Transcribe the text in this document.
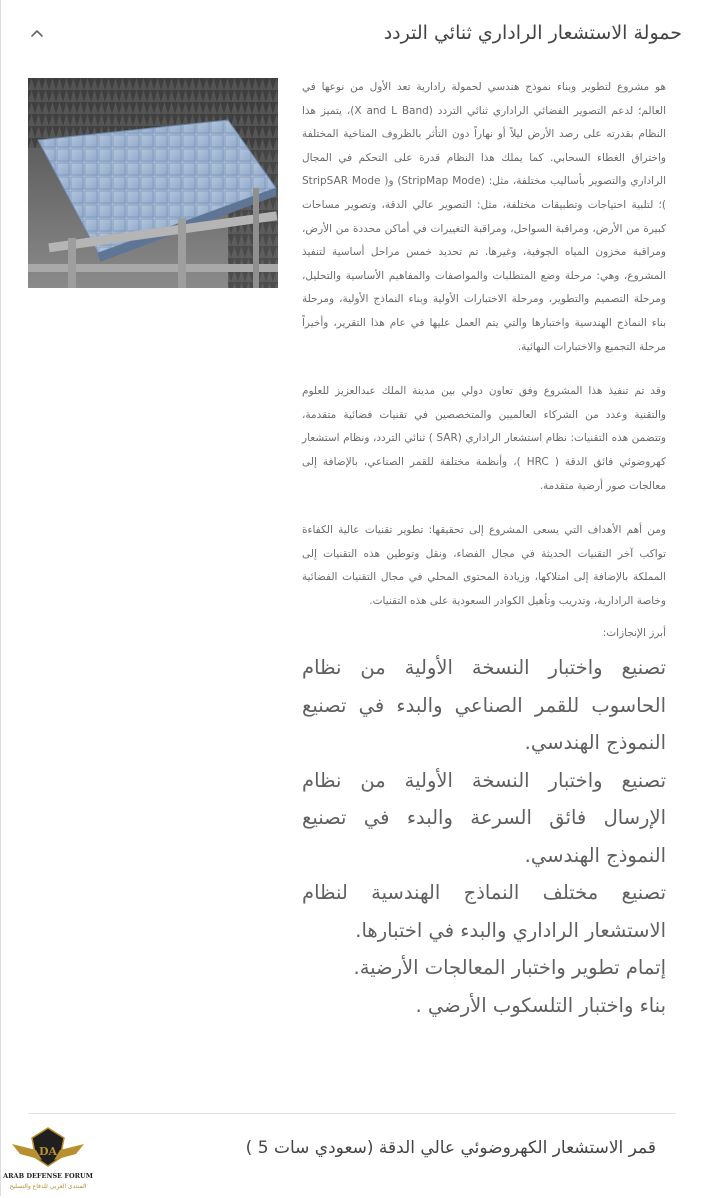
حمولة الاستشعار الراداري ثنائي التردد

هو مشروع لتطوير وبناء نموذج هندسي لحمولة رادارية تعد الأول من نوعها في العالم؛ لدعم التصوير الفضائي الراداري ثنائي التردد (X and L Band)، يتميز هذا النظام بقدرته على رصد الأرض ليلاً أو نهاراً دون التأثر بالظروف المناخية المختلفة واختراق الغطاء السحابي. كما يملك هذا النظام قدرة على التحكم في المجال الراداري والتصوير بأساليب مختلفة، مثل: (StripMap Mode) و( StripSAR Mode )؛ لتلبية احتياجات وتطبيقات مختلفة، مثل: التصوير عالي الدقة، وتصوير مساحات كبيرة من الأرض، ومراقبة السواحل، ومراقبة التغييرات في أماكن محددة من الأرض، ومراقبة مخزون المياه الجوفية، وغيرها. تم تحديد خمس مراحل أساسية لتنفيذ المشروع، وهي: مرحلة وضع المتطلبات والمواصفات والمفاهيم الأساسية والتحليل، ومرحلة التصميم والتطوير، ومرحلة الاختبارات الأولية وبناء النماذج الأولية، ومرحلة بناء النماذج الهندسية واختبارها والتي يتم العمل عليها في عام هذا التقرير، وأخيراً مرحلة التجميع والاختبارات النهائية.

وقد تم تنفيذ هذا المشروع وفق تعاون دولي بين مدينة الملك عبدالعزيز للعلوم والتقنية وعدد من الشركاء العالميين والمتخصصين في تقنيات فضائية متقدمة، وتتضمن هذه التقنيات: نظام استشعار الراداري (SAR ) ثنائي التردد، ونظام استشعار كهروضوئي فائق الدقة ( HRC )، وأنظمة مختلفة للقمر الصناعي، بالإضافة إلى معالجات صور أرضية متقدمة.

ومن أهم الأهداف التي يسعى المشروع إلى تحقيقها: تطوير تقنيات عالية الكفاءة تواكب آخر التقنيات الحديثة في مجال الفضاء، ونقل وتوطين هذه التقنيات إلى المملكة بالإضافة إلى امتلاكها، وزيادة المحتوى المحلي في مجال التقنيات الفضائية وخاصة الرادارية، وتدريب وتأهيل الكوادر السعودية على هذه التقنيات.

أبرز الإنجازات:
تصنيع واختبار النسخة الأولية من نظام الحاسوب للقمر الصناعي والبدء في تصنيع النموذج الهندسي.
تصنيع واختبار النسخة الأولية من نظام الإرسال فائق السرعة والبدء في تصنيع النموذج الهندسي.
تصنيع مختلف النماذج الهندسية لنظام الاستشعار الراداري والبدء في اختبارها.
إتمام تطوير واختبار المعالجات الأرضية.
بناء واختبار التلسكوب الأرضي .
قمر الاستشعار الكهروضوئي عالي الدقة (سعودي سات 5 )
DA
ARAB DEFENSE FORUM
المنتدى العربي للدفاع والتسليح
